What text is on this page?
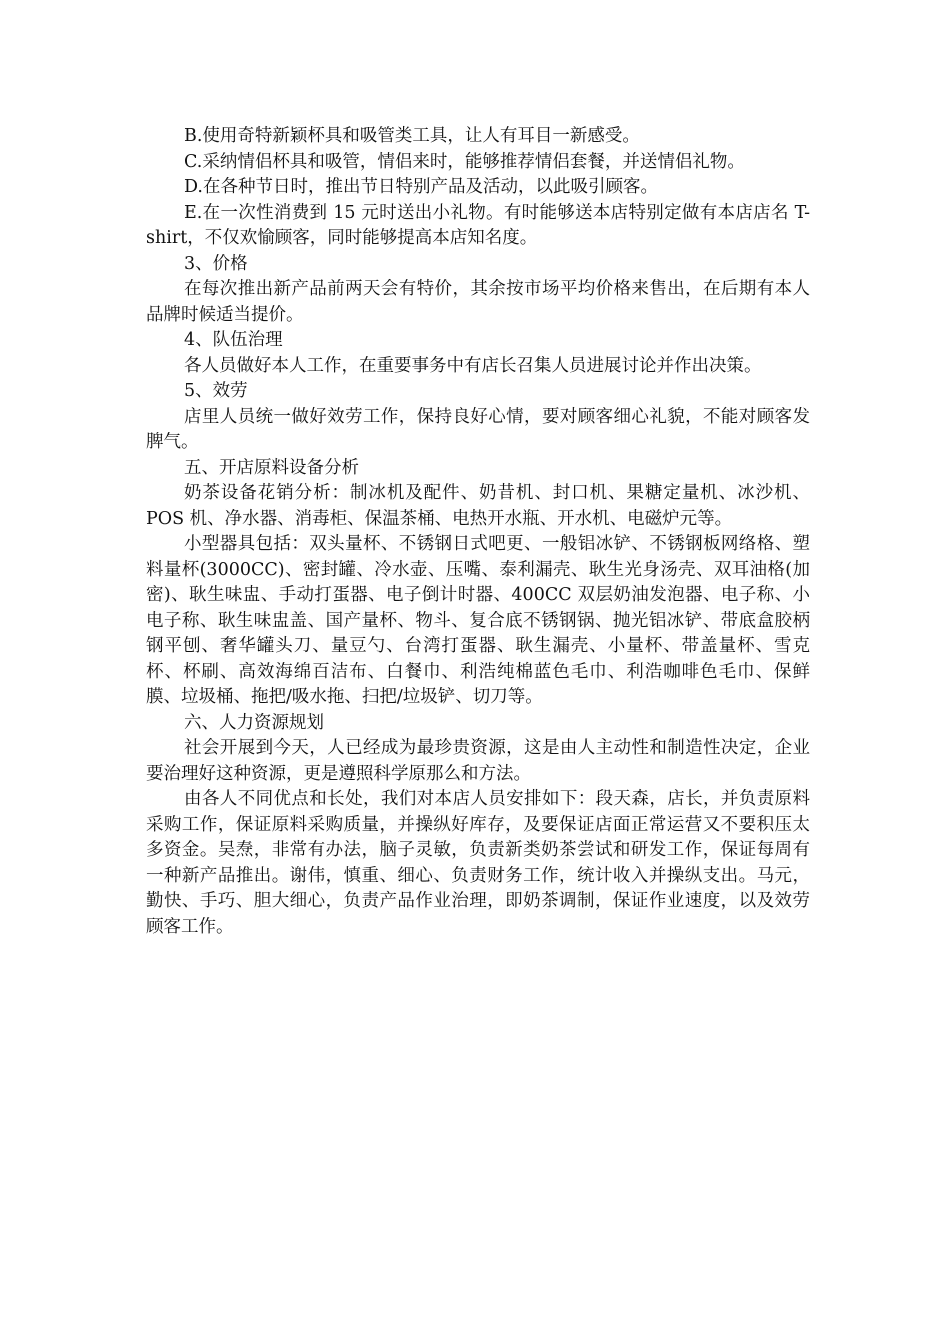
B.使用奇特新颖杯具和吸管类工具，让人有耳目一新感受。

C.采纳情侣杯具和吸管，情侣来时，能够推荐情侣套餐，并送情侣礼物。

D.在各种节日时，推出节日特别产品及活动，以此吸引顾客。

E.在一次性消费到 15 元时送出小礼物。有时能够送本店特别定做有本店店名 T-shirt，不仅欢愉顾客，同时能够提高本店知名度。

3、价格

在每次推出新产品前两天会有特价，其余按市场平均价格来售出，在后期有本人品牌时候适当提价。

4、队伍治理

各人员做好本人工作，在重要事务中有店长召集人员进展讨论并作出决策。

5、效劳

店里人员统一做好效劳工作，保持良好心情，要对顾客细心礼貌，不能对顾客发脾气。

五、开店原料设备分析

奶茶设备花销分析：制冰机及配件、奶昔机、封口机、果糖定量机、冰沙机、POS 机、净水器、消毒柜、保温茶桶、电热开水瓶、开水机、电磁炉元等。

小型器具包括：双头量杯、不锈钢日式吧更、一般铝冰铲、不锈钢板网络格、塑料量杯(3000CC)、密封罐、冷水壶、压嘴、泰利漏壳、耿生光身汤壳、双耳油格(加密)、耿生味盅、手动打蛋器、电子倒计时器、400CC 双层奶油发泡器、电子称、小电子称、耿生味盅盖、国产量杯、物斗、复合底不锈钢锅、抛光铝冰铲、带底盒胶柄钢平刨、奢华罐头刀、量豆勺、台湾打蛋器、耿生漏壳、小量杯、带盖量杯、雪克杯、杯刷、高效海绵百洁布、白餐巾、利浩纯棉蓝色毛巾、利浩咖啡色毛巾、保鲜膜、垃圾桶、拖把/吸水拖、扫把/垃圾铲、切刀等。

六、人力资源规划

社会开展到今天，人已经成为最珍贵资源，这是由人主动性和制造性决定，企业要治理好这种资源，更是遵照科学原那么和方法。

由各人不同优点和长处，我们对本店人员安排如下：段天森，店长，并负责原料采购工作，保证原料采购质量，并操纵好库存，及要保证店面正常运营又不要积压太多资金。吴焘，非常有办法，脑子灵敏，负责新类奶茶尝试和研发工作，保证每周有一种新产品推出。谢伟，慎重、细心、负责财务工作，统计收入并操纵支出。马元，勤快、手巧、胆大细心，负责产品作业治理，即奶茶调制，保证作业速度，以及效劳顾客工作。
